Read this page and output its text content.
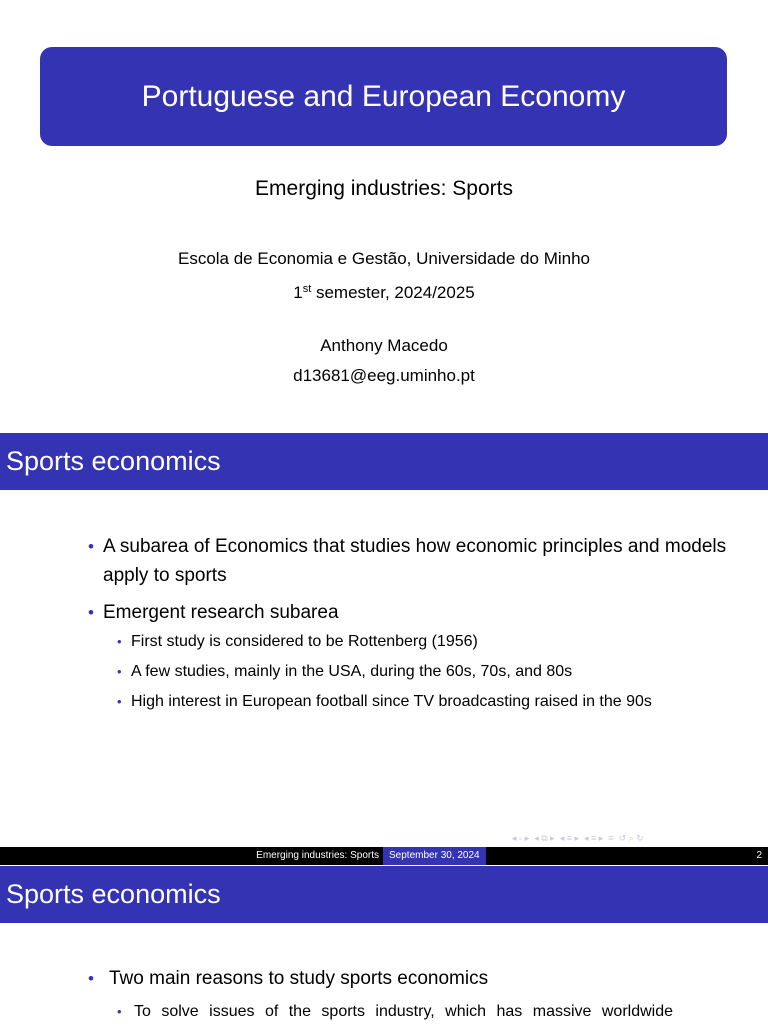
Portuguese and European Economy
Emerging industries: Sports
Escola de Economia e Gestão, Universidade do Minho
1st semester, 2024/2025
Anthony Macedo
d13681@eeg.uminho.pt
Sports economics
• A subarea of Economics that studies how economic principles and models apply to sports
• Emergent research subarea
• First study is considered to be Rottenberg (1956)
• A few studies, mainly in the USA, during the 60s, 70s, and 80s
• High interest in European football since TV broadcasting raised in the 90s
◂ ▫ ▸ ◂ ⧉ ▸ ◂ ≡ ▸ ◂ ≡ ▸ ≡ ↺ ⌕ ↻
Emerging industries: Sports	September 30, 2024	2
Sports economics
• Two main reasons to study sports economics
• To solve issues of the sports industry, which has massive worldwide
